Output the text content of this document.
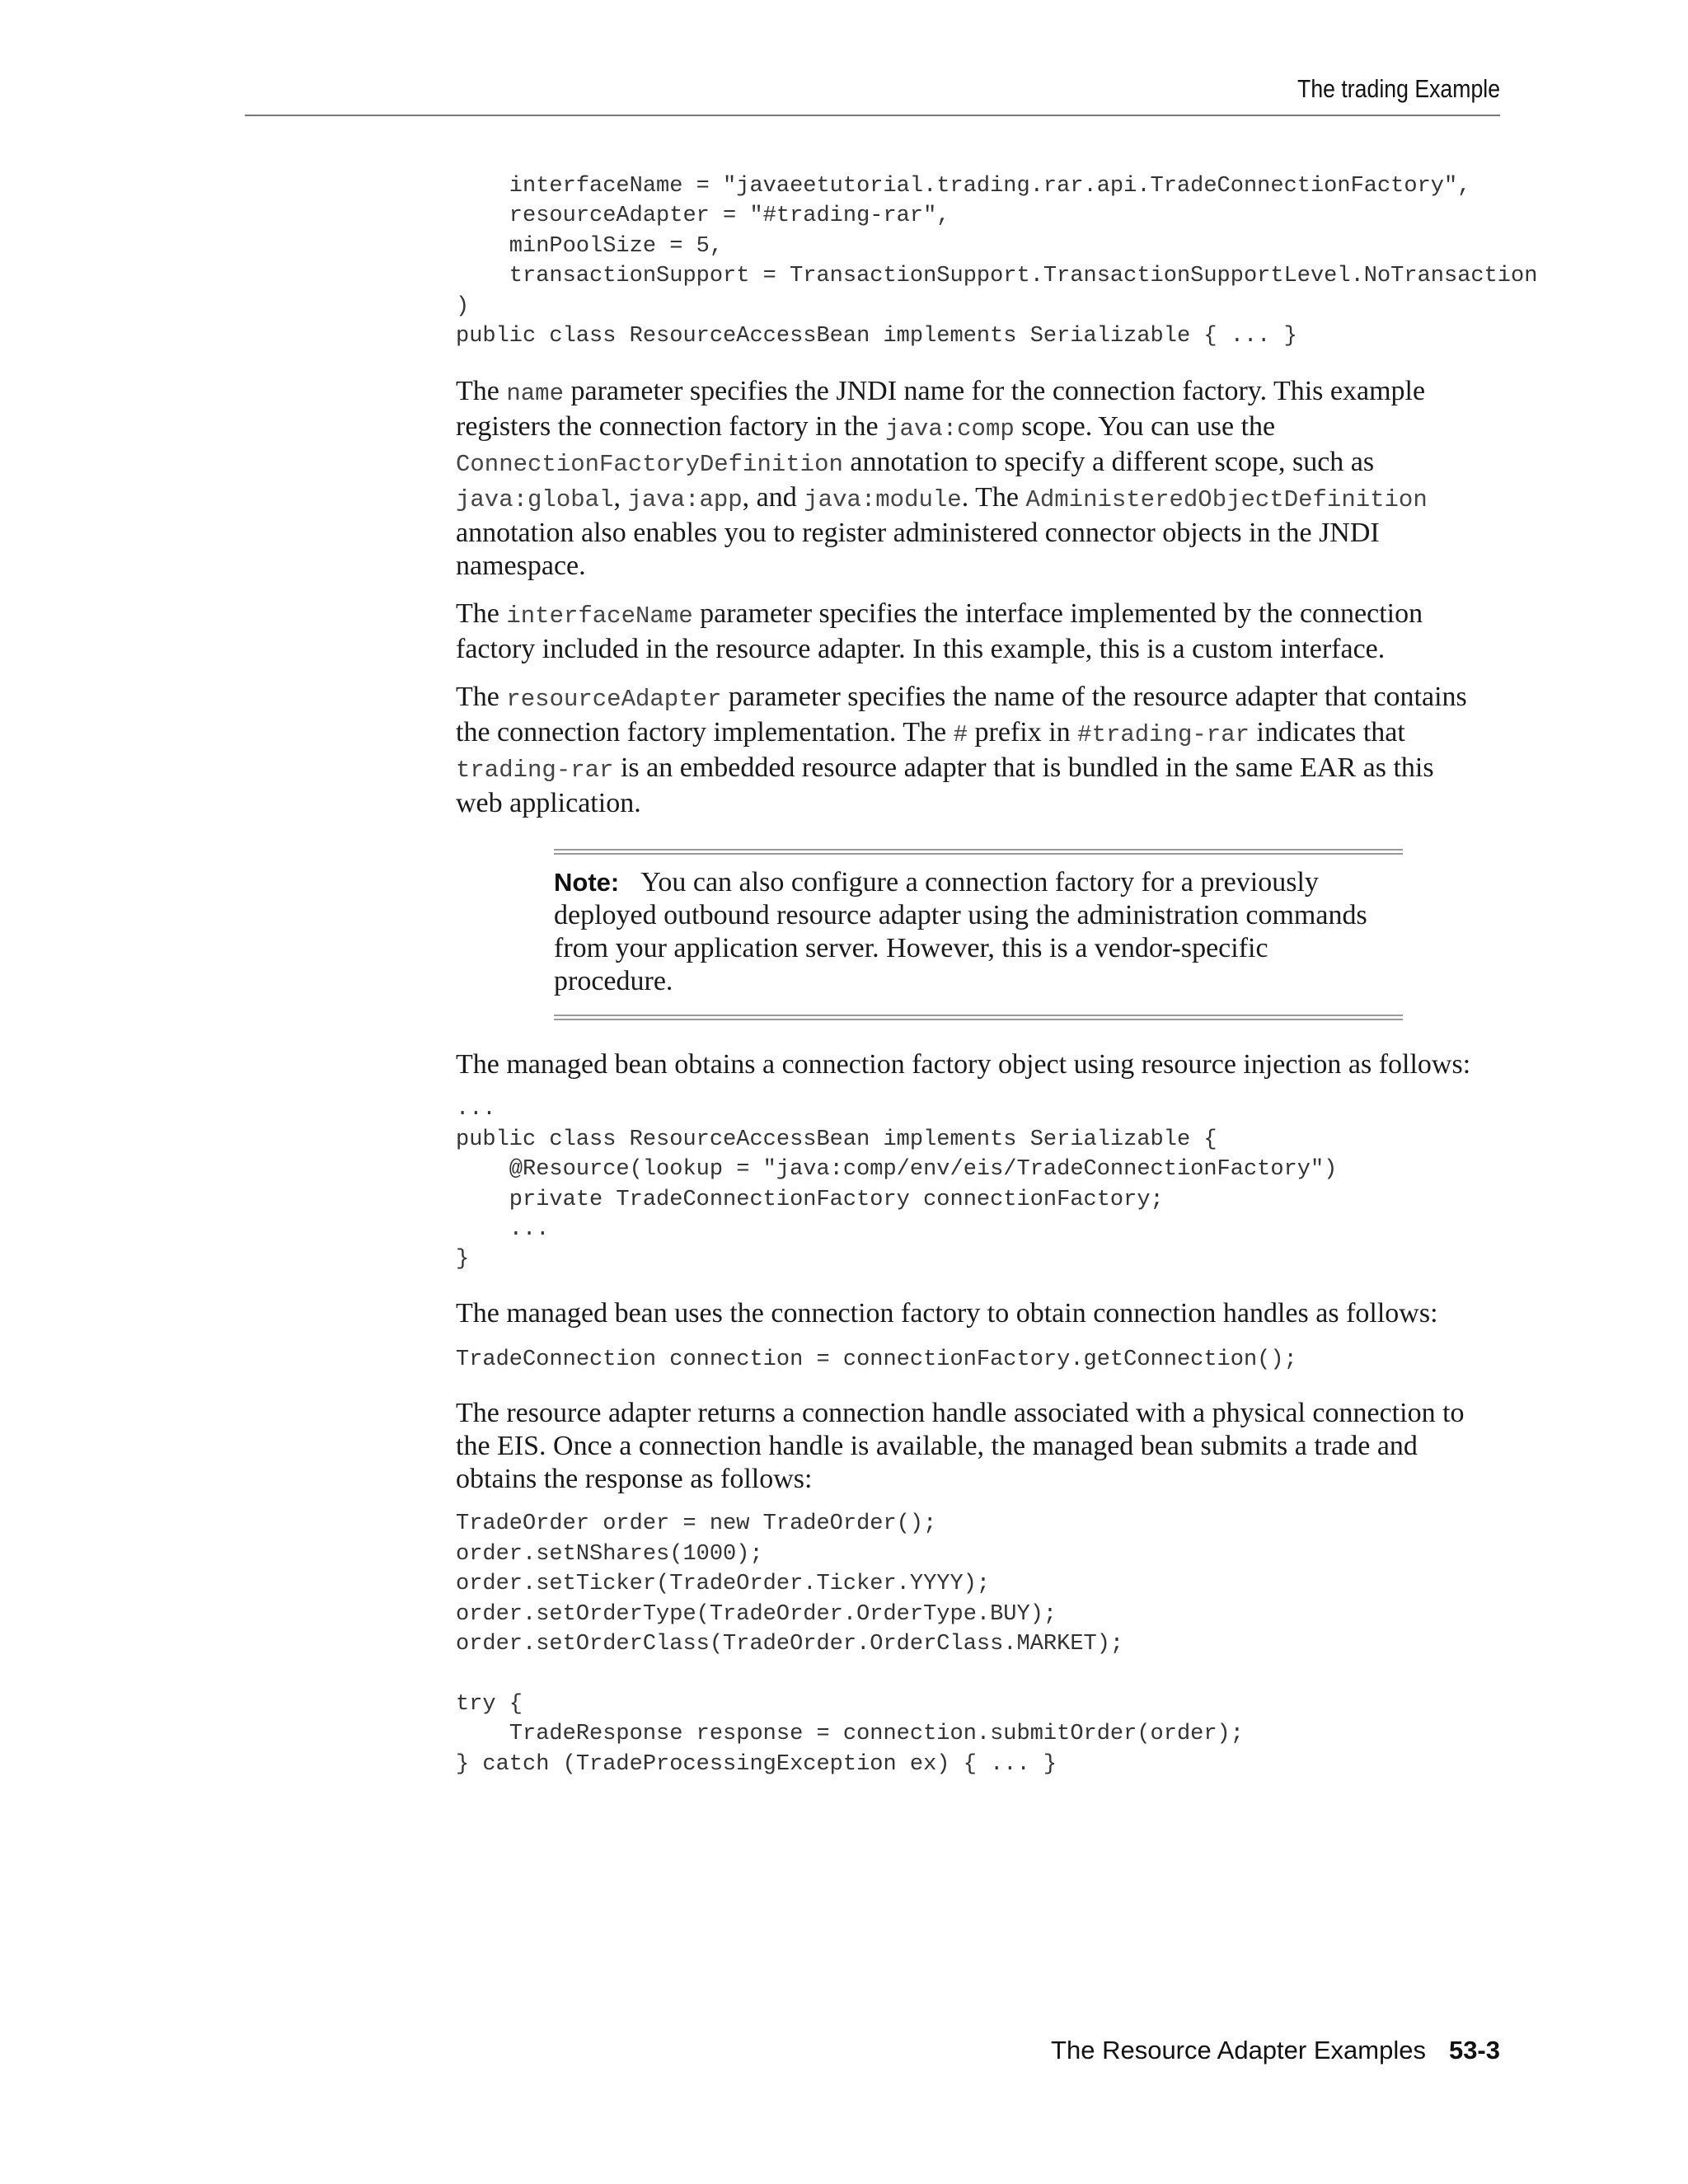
The trading Example
interfaceName = "javaeetutorial.trading.rar.api.TradeConnectionFactory",
resourceAdapter = "#trading-rar",
minPoolSize = 5,
transactionSupport = TransactionSupport.TransactionSupportLevel.NoTransaction
)
public class ResourceAccessBean implements Serializable { ... }

The name parameter specifies the JNDI name for the connection factory. This example registers the connection factory in the java:comp scope. You can use the ConnectionFactoryDefinition annotation to specify a different scope, such as java:global, java:app, and java:module. The AdministeredObjectDefinition annotation also enables you to register administered connector objects in the JNDI namespace.

The interfaceName parameter specifies the interface implemented by the connection factory included in the resource adapter. In this example, this is a custom interface.

The resourceAdapter parameter specifies the name of the resource adapter that contains the connection factory implementation. The # prefix in #trading-rar indicates that trading-rar is an embedded resource adapter that is bundled in the same EAR as this web application.

Note: You can also configure a connection factory for a previously deployed outbound resource adapter using the administration commands from your application server. However, this is a vendor-specific procedure.

The managed bean obtains a connection factory object using resource injection as follows:

...
public class ResourceAccessBean implements Serializable {
@Resource(lookup = "java:comp/env/eis/TradeConnectionFactory")
private TradeConnectionFactory connectionFactory;
...
}

The managed bean uses the connection factory to obtain connection handles as follows:

TradeConnection connection = connectionFactory.getConnection();

The resource adapter returns a connection handle associated with a physical connection to the EIS. Once a connection handle is available, the managed bean submits a trade and obtains the response as follows:

TradeOrder order = new TradeOrder();
order.setNShares(1000);
order.setTicker(TradeOrder.Ticker.YYYY);
order.setOrderType(TradeOrder.OrderType.BUY);
order.setOrderClass(TradeOrder.OrderClass.MARKET);

try {
TradeResponse response = connection.submitOrder(order);
} catch (TradeProcessingException ex) { ... }
The Resource Adapter Examples 53-3
